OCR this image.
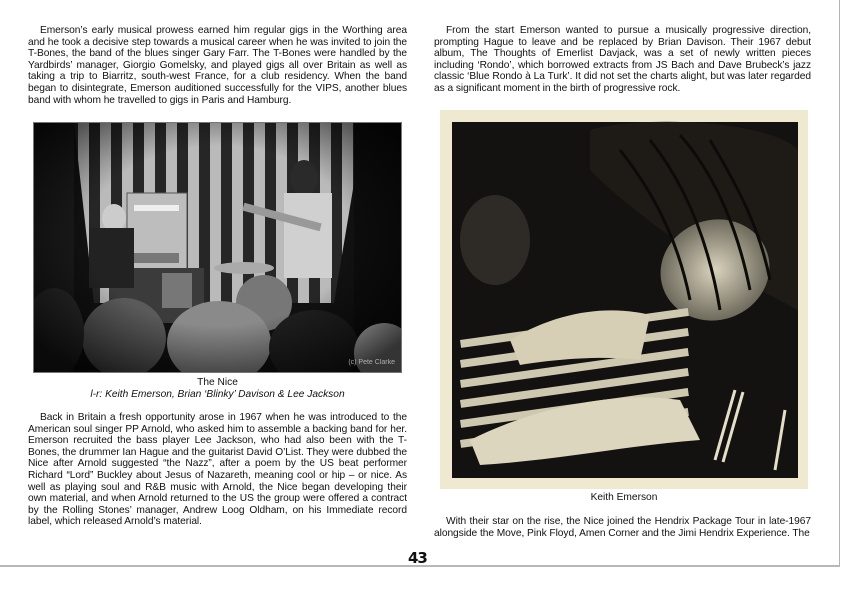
Emerson’s early musical prowess earned him regular gigs in the Worthing area and he took a decisive step towards a musical career when he was invited to join the T-Bones, the band of the blues singer Gary Farr. The T-Bones were handled by the Yardbirds’ manager, Giorgio Gomelsky, and played gigs all over Britain as well as taking a trip to Biarritz, south-west France, for a club residency. When the band began to disintegrate, Emerson auditioned successfully for the VIPS, another blues band with whom he travelled to gigs in Paris and Hamburg.

(c) Pete Clarke
The Nice
l-r: Keith Emerson, Brian ‘Blinky’ Davison & Lee Jackson

Back in Britain a fresh opportunity arose in 1967 when he was introduced to the American soul singer PP Arnold, who asked him to assemble a backing band for her. Emerson recruited the bass player Lee Jackson, who had also been with the T-Bones, the drummer Ian Hague and the guitarist David O’List. They were dubbed the Nice after Arnold suggested “the Nazz”, after a poem by the US beat performer Richard “Lord” Buckley about Jesus of Nazareth, meaning cool or hip – or nice. As well as playing soul and R&B music with Arnold, the Nice began developing their own material, and when Arnold returned to the US the group were offered a contract by the Rolling Stones’ manager, Andrew Loog Oldham, on his Immediate record label, which released Arnold’s material.

From the start Emerson wanted to pursue a musically progressive direction, prompting Hague to leave and be replaced by Brian Davison. Their 1967 debut album, The Thoughts of Emerlist Davjack, was a set of newly written pieces including ‘Rondo’, which borrowed extracts from JS Bach and Dave Brubeck’s jazz classic ‘Blue Rondo à La Turk’. It did not set the charts alight, but was later regarded as a significant moment in the birth of progressive rock.

Keith Emerson

With their star on the rise, the Nice joined the Hendrix Package Tour in late-1967 alongside the Move, Pink Floyd, Amen Corner and the Jimi Hendrix Experience. The

43
